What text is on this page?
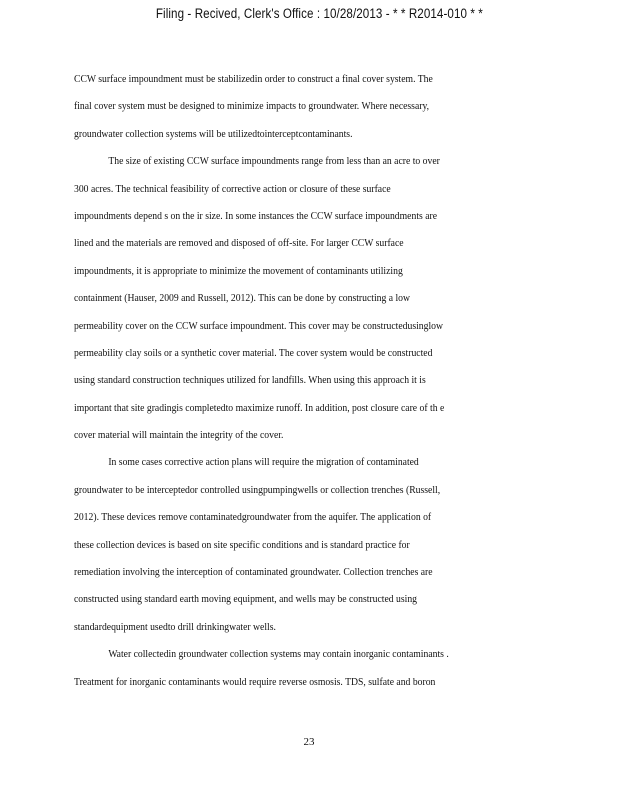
Filing - Recived, Clerk's Office : 10/28/2013 - * * R2014-010 * *
CCW surface impoundment must be stabilizedin order to construct a final cover system. The
final cover system must be designed to minimize impacts to groundwater. Where necessary,
groundwater collection systems will be utilizedtointerceptcontaminants.
The size of existing CCW surface impoundments range from less than an acre to over
300 acres. The technical feasibility of corrective action or closure of these surface
impoundments depend s on the ir size. In some instances the CCW surface impoundments are
lined and the materials are removed and disposed of off-site. For larger CCW surface
impoundments, it is appropriate to minimize the movement of contaminants utilizing
containment (Hauser, 2009 and Russell, 2012). This can be done by constructing a low
permeability cover on the CCW surface impoundment. This cover may be constructedusinglow
permeability clay soils or a synthetic cover material. The cover system would be constructed
using standard construction techniques utilized for landfills. When using this approach it is
important that site gradingis completedto maximize runoff. In addition, post closure care of th e
cover material will maintain the integrity of the cover.
In some cases corrective action plans will require the migration of contaminated
groundwater to be interceptedor controlled usingpumpingwells or collection trenches (Russell,
2012). These devices remove contaminatedgroundwater from the aquifer. The application of
these collection devices is based on site specific conditions and is standard practice for
remediation involving the interception of contaminated groundwater. Collection trenches are
constructed using standard earth moving equipment, and wells may be constructed using
standardequipment usedto drill drinkingwater wells.
Water collectedin groundwater collection systems may contain inorganic contaminants .
Treatment for inorganic contaminants would require reverse osmosis. TDS, sulfate and boron
23
